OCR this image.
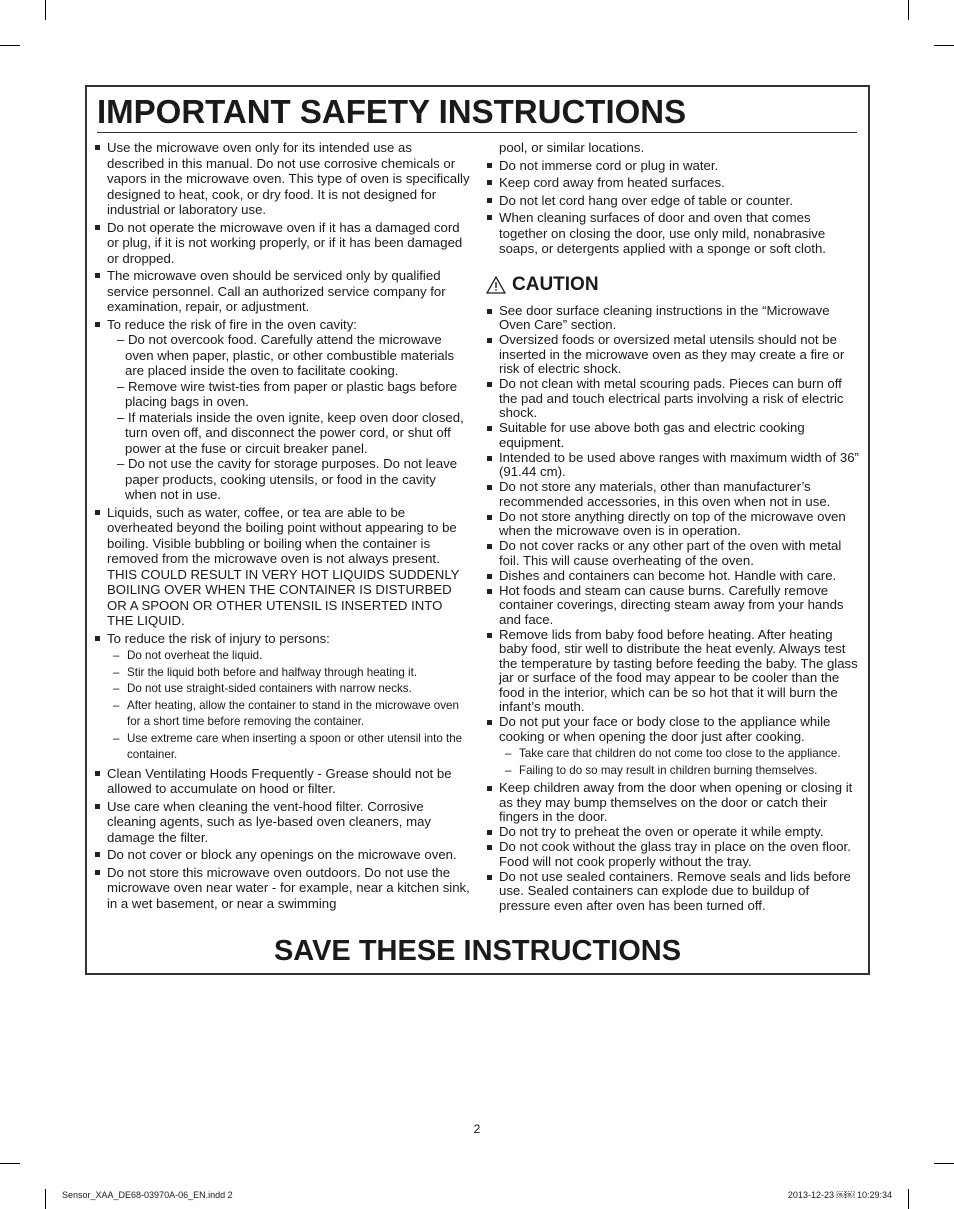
IMPORTANT SAFETY INSTRUCTIONS
Use the microwave oven only for its intended use as described in this manual. Do not use corrosive chemicals or vapors in the microwave oven. This type of oven is specifically designed to heat, cook, or dry food. It is not designed for industrial or laboratory use.
Do not operate the microwave oven if it has a damaged cord or plug, if it is not working properly, or if it has been damaged or dropped.
The microwave oven should be serviced only by qualified service personnel. Call an authorized service company for examination, repair, or adjustment.
To reduce the risk of fire in the oven cavity:
– Do not overcook food. Carefully attend the microwave oven when paper, plastic, or other combustible materials are placed inside the oven to facilitate cooking.
– Remove wire twist-ties from paper or plastic bags before placing bags in oven.
– If materials inside the oven ignite, keep oven door closed, turn oven off, and disconnect the power cord, or shut off power at the fuse or circuit breaker panel.
– Do not use the cavity for storage purposes. Do not leave paper products, cooking utensils, or food in the cavity when not in use.
Liquids, such as water, coffee, or tea are able to be overheated beyond the boiling point without appearing to be boiling. Visible bubbling or boiling when the container is removed from the microwave oven is not always present. THIS COULD RESULT IN VERY HOT LIQUIDS SUDDENLY BOILING OVER WHEN THE CONTAINER IS DISTURBED OR A SPOON OR OTHER UTENSIL IS INSERTED INTO THE LIQUID.
To reduce the risk of injury to persons:
– Do not overheat the liquid.
– Stir the liquid both before and halfway through heating it.
– Do not use straight-sided containers with narrow necks.
– After heating, allow the container to stand in the microwave oven for a short time before removing the container.
– Use extreme care when inserting a spoon or other utensil into the container.
Clean Ventilating Hoods Frequently - Grease should not be allowed to accumulate on hood or filter.
Use care when cleaning the vent-hood filter. Corrosive cleaning agents, such as lye-based oven cleaners, may damage the filter.
Do not cover or block any openings on the microwave oven.
Do not store this microwave oven outdoors. Do not use the microwave oven near water - for example, near a kitchen sink, in a wet basement, or near a swimming
pool, or similar locations.
Do not immerse cord or plug in water.
Keep cord away from heated surfaces.
Do not let cord hang over edge of table or counter.
When cleaning surfaces of door and oven that comes together on closing the door, use only mild, nonabrasive soaps, or detergents applied with a sponge or soft cloth.
CAUTION
See door surface cleaning instructions in the “Microwave Oven Care” section.
Oversized foods or oversized metal utensils should not be inserted in the microwave oven as they may create a fire or risk of electric shock.
Do not clean with metal scouring pads. Pieces can burn off the pad and touch electrical parts involving a risk of electric shock.
Suitable for use above both gas and electric cooking equipment.
Intended to be used above ranges with maximum width of 36” (91.44 cm).
Do not store any materials, other than manufacturer’s recommended accessories, in this oven when not in use.
Do not store anything directly on top of the microwave oven when the microwave oven is in operation.
Do not cover racks or any other part of the oven with metal foil. This will cause overheating of the oven.
Dishes and containers can become hot. Handle with care.
Hot foods and steam can cause burns. Carefully remove container coverings, directing steam away from your hands and face.
Remove lids from baby food before heating. After heating baby food, stir well to distribute the heat evenly. Always test the temperature by tasting before feeding the baby. The glass jar or surface of the food may appear to be cooler than the food in the interior, which can be so hot that it will burn the infant’s mouth.
Do not put your face or body close to the appliance while cooking or when opening the door just after cooking.
– Take care that children do not come too close to the appliance.
– Failing to do so may result in children burning themselves.
Keep children away from the door when opening or closing it as they may bump themselves on the door or catch their fingers in the door.
Do not try to preheat the oven or operate it while empty.
Do not cook without the glass tray in place on the oven floor. Food will not cook properly without the tray.
Do not use sealed containers. Remove seals and lids before use. Sealed containers can explode due to buildup of pressure even after oven has been turned off.
SAVE THESE INSTRUCTIONS
2
Sensor_XAA_DE68-03970A-06_EN.indd 2	2013-12-23 ￼￼ 10:29:34
